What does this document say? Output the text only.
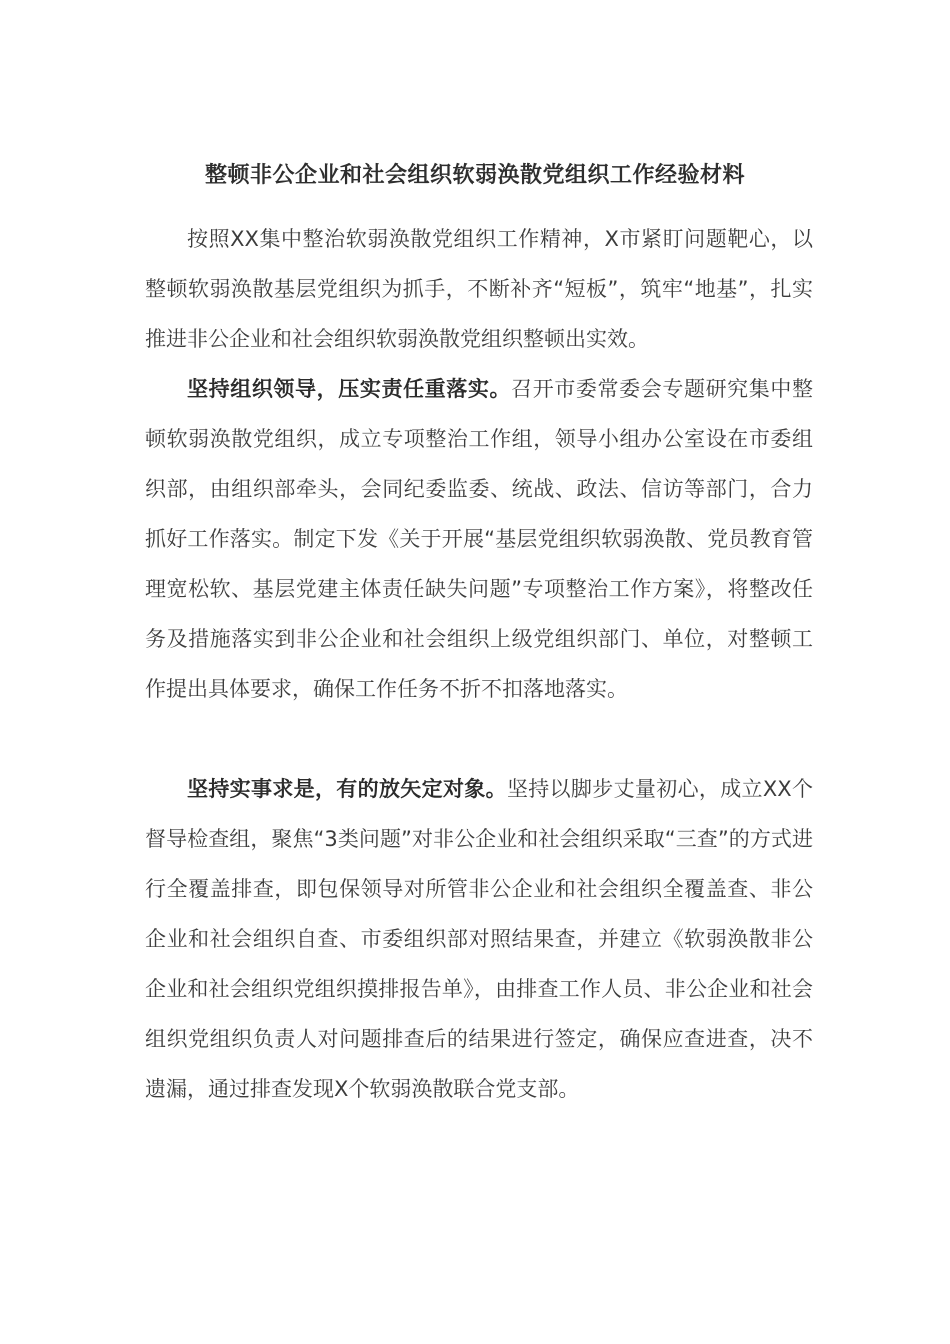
整顿非公企业和社会组织软弱涣散党组织工作经验材料

按照XX集中整治软弱涣散党组织工作精神，X市紧盯问题靶心，以整顿软弱涣散基层党组织为抓手，不断补齐“短板”，筑牢“地基”，扎实推进非公企业和社会组织软弱涣散党组织整顿出实效。

坚持组织领导，压实责任重落实。召开市委常委会专题研究集中整顿软弱涣散党组织，成立专项整治工作组，领导小组办公室设在市委组织部，由组织部牵头，会同纪委监委、统战、政法、信访等部门，合力抓好工作落实。制定下发《关于开展“基层党组织软弱涣散、党员教育管理宽松软、基层党建主体责任缺失问题”专项整治工作方案》，将整改任务及措施落实到非公企业和社会组织上级党组织部门、单位，对整顿工作提出具体要求，确保工作任务不折不扣落地落实。

坚持实事求是，有的放矢定对象。坚持以脚步丈量初心，成立XX个督导检查组，聚焦“3类问题”对非公企业和社会组织采取“三查”的方式进行全覆盖排查，即包保领导对所管非公企业和社会组织全覆盖查、非公企业和社会组织自查、市委组织部对照结果查，并建立《软弱涣散非公企业和社会组织党组织摸排报告单》，由排查工作人员、非公企业和社会组织党组织负责人对问题排查后的结果进行签定，确保应查进查，决不遗漏，通过排查发现X个软弱涣散联合党支部。
